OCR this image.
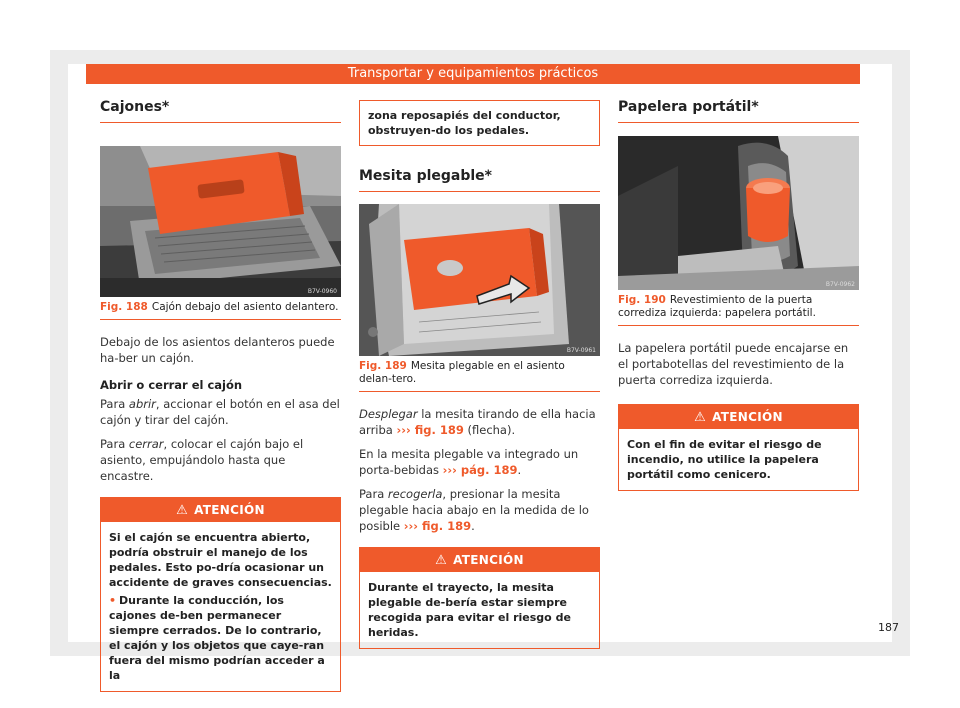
Transportar y equipamientos prácticos
Cajones*
B7V-0960
Fig. 188 Cajón debajo del asiento delantero.

Debajo de los asientos delanteros puede ha-ber un cajón.

Abrir o cerrar el cajón

Para abrir, accionar el botón en el asa del cajón y tirar del cajón.

Para cerrar, colocar el cajón bajo el asiento, empujándolo hasta que encastre.

⚠ ATENCIÓN

Si el cajón se encuentra abierto, podría obstruir el manejo de los pedales. Esto po-dría ocasionar un accidente de graves consecuencias.

• Durante la conducción, los cajones de-ben permanecer siempre cerrados. De lo contrario, el cajón y los objetos que caye-ran fuera del mismo podrían acceder a la

zona reposapiés del conductor, obstruyen-do los pedales.
Mesita plegable*
B7V-0961
Fig. 189 Mesita plegable en el asiento delan-tero.

Desplegar la mesita tirando de ella hacia arriba ››› fig. 189 (flecha).

En la mesita plegable va integrado un porta-bebidas ››› pág. 189.

Para recogerla, presionar la mesita plegable hacia abajo en la medida de lo posible ››› fig. 189.

⚠ ATENCIÓN

Durante el trayecto, la mesita plegable de-bería estar siempre recogida para evitar el riesgo de heridas.

Papelera portátil*
B7V-0962
Fig. 190 Revestimiento de la puerta corrediza izquierda: papelera portátil.

La papelera portátil puede encajarse en el portabotellas del revestimiento de la puerta corrediza izquierda.

⚠ ATENCIÓN

Con el fin de evitar el riesgo de incendio, no utilice la papelera portátil como cenicero.

187
